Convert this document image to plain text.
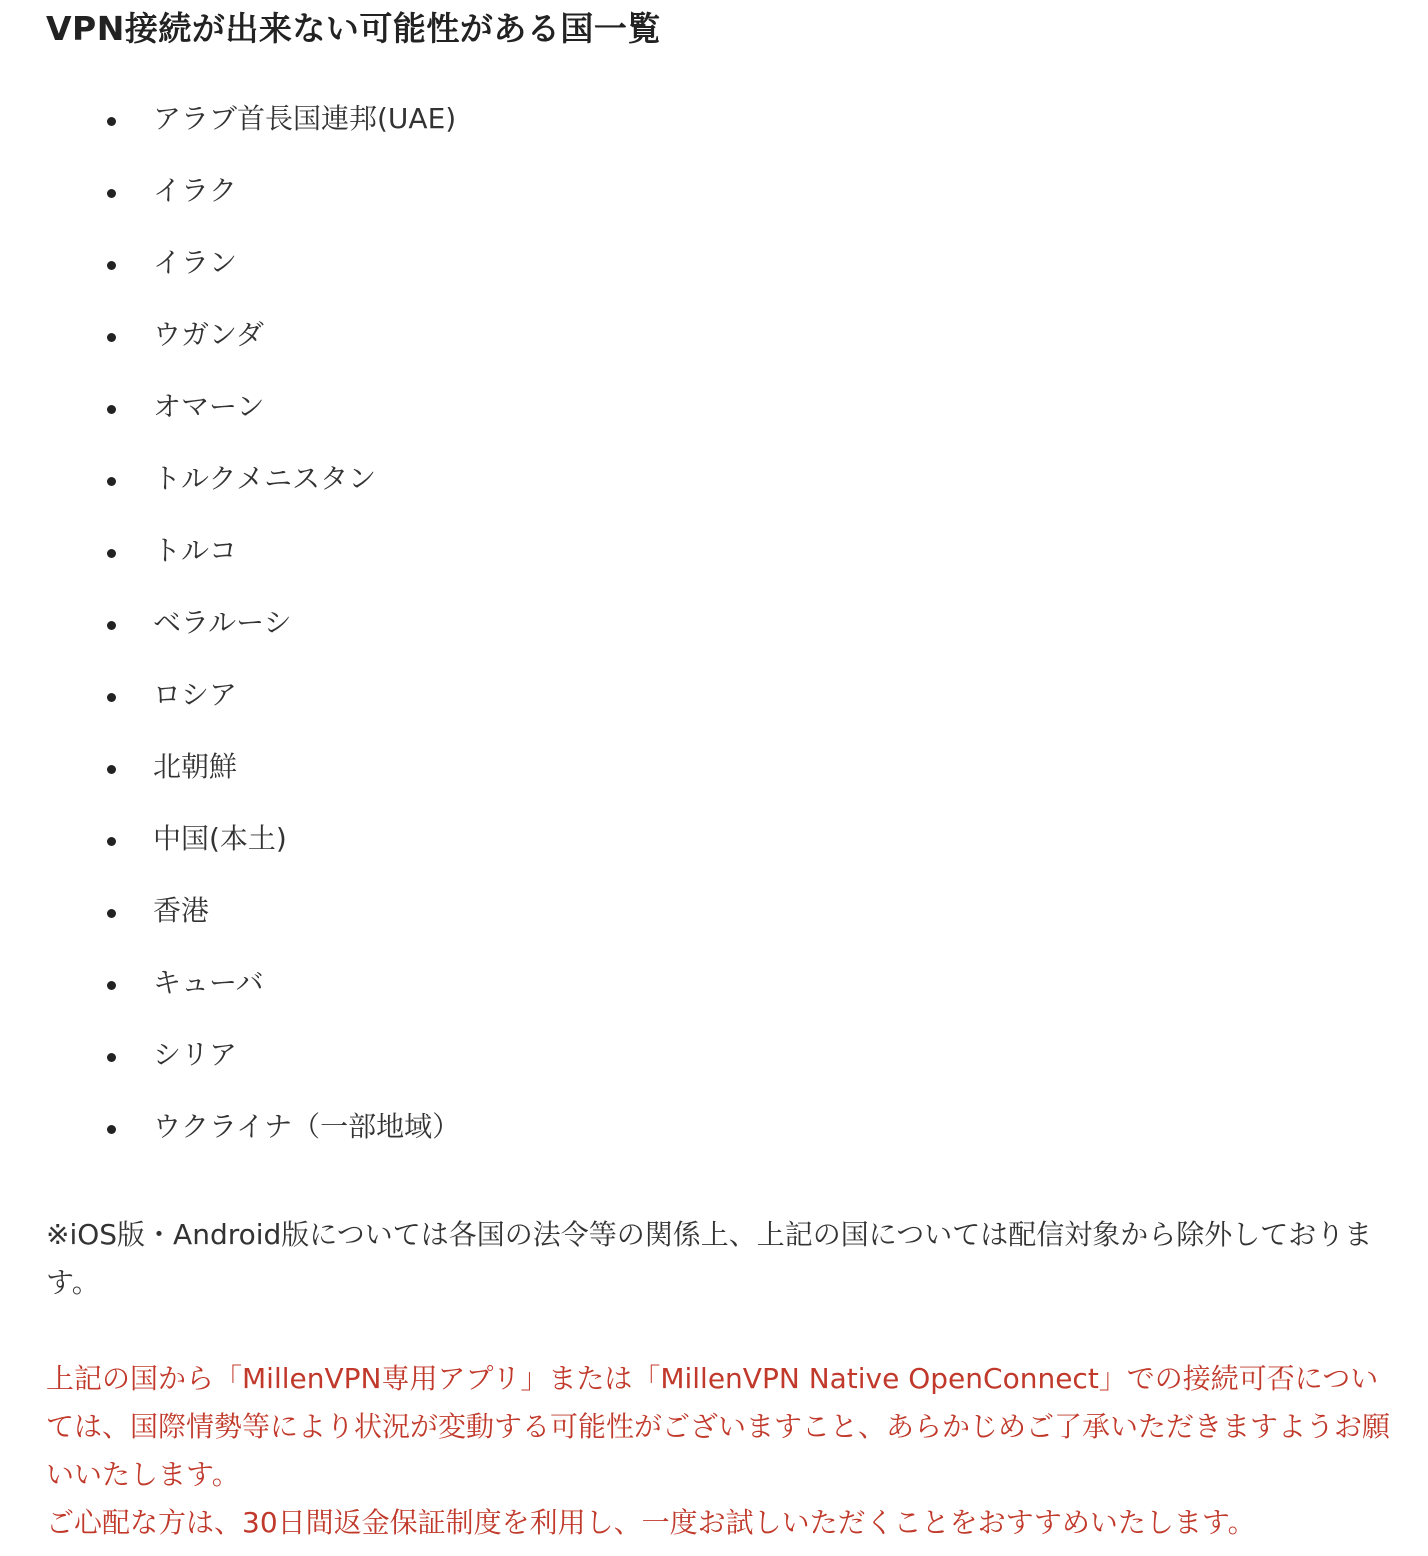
VPN接続が出来ない可能性がある国一覧
アラブ首長国連邦(UAE)
イラク
イラン
ウガンダ
オマーン
トルクメニスタン
トルコ
ベラルーシ
ロシア
北朝鮮
中国(本土)
香港
キューバ
シリア
ウクライナ（一部地域）

※iOS版・Android版については各国の法令等の関係上、上記の国については配信対象から除外しております。

上記の国から「MillenVPN専用アプリ」または「MillenVPN Native OpenConnect」での接続可否については、国際情勢等により状況が変動する可能性がございますこと、あらかじめご了承いただきますようお願いいたします。

ご心配な方は、30日間返金保証制度を利用し、一度お試しいただくことをおすすめいたします。
